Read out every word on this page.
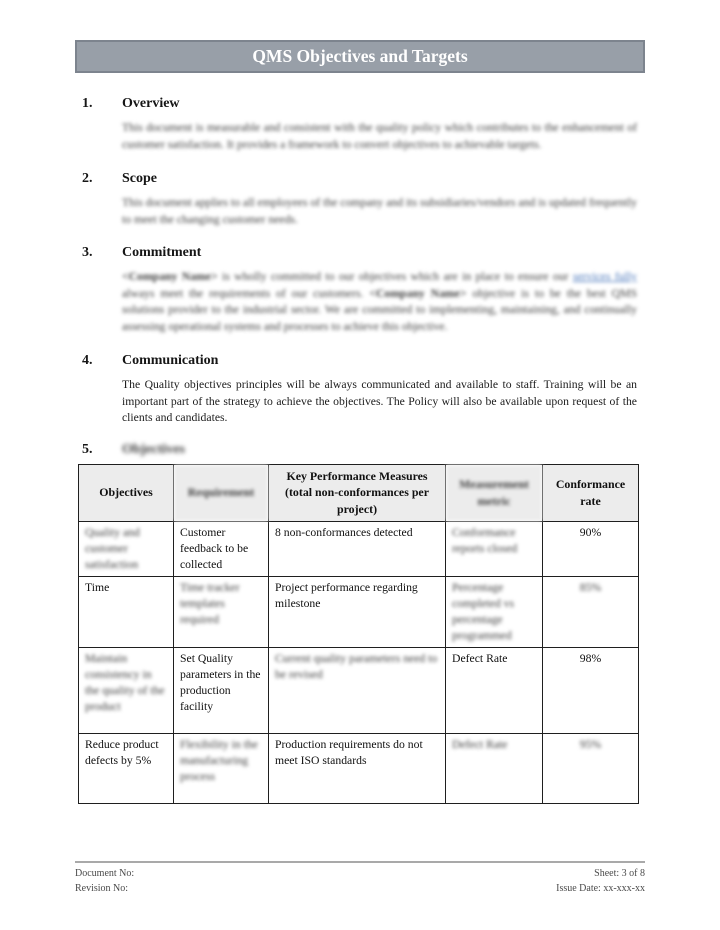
QMS Objectives and Targets
1.	Overview
This document is measurable and consistent with the quality policy which contributes to the enhancement of customer satisfaction. It provides a framework to convert objectives to achievable targets.
2.	Scope
This document applies to all employees of the company and its subsidiaries/vendors and is updated frequently to meet the changing customer needs.
3.	Commitment
<Company Name> is wholly committed to our objectives which are in place to ensure our services fully always meet the requirements of our customers. <Company Name> objective is to be the best QMS solutions provider to the industrial sector. We are committed to implementing, maintaining, and continually assessing operational systems and processes to achieve this objective.
4.	Communication
The Quality objectives principles will be always communicated and available to staff. Training will be an important part of the strategy to achieve the objectives. The Policy will also be available upon request of the clients and candidates.
5.	Objectives
Objectives	Requirement	Key Performance Measures (total non-conformances per project)	Measurement metric	Conformance rate
Quality and customer satisfaction	Customer feedback to be collected	8 non-conformances detected	Conformance reports closed	90%
Time	Time tracker templates required	Project performance regarding milestone	Percentage completed vs percentage programmed	85%
Maintain consistency in the quality of the product	Set Quality parameters in the production facility	Current quality parameters need to be revised	Defect Rate	98%
Reduce product defects by 5%	Flexibility in the manufacturing process	Production requirements do not meet ISO standards	Defect Rate	95%
Document No:
Revision No:
Sheet: 3 of 8
Issue Date: xx-xxx-xx
